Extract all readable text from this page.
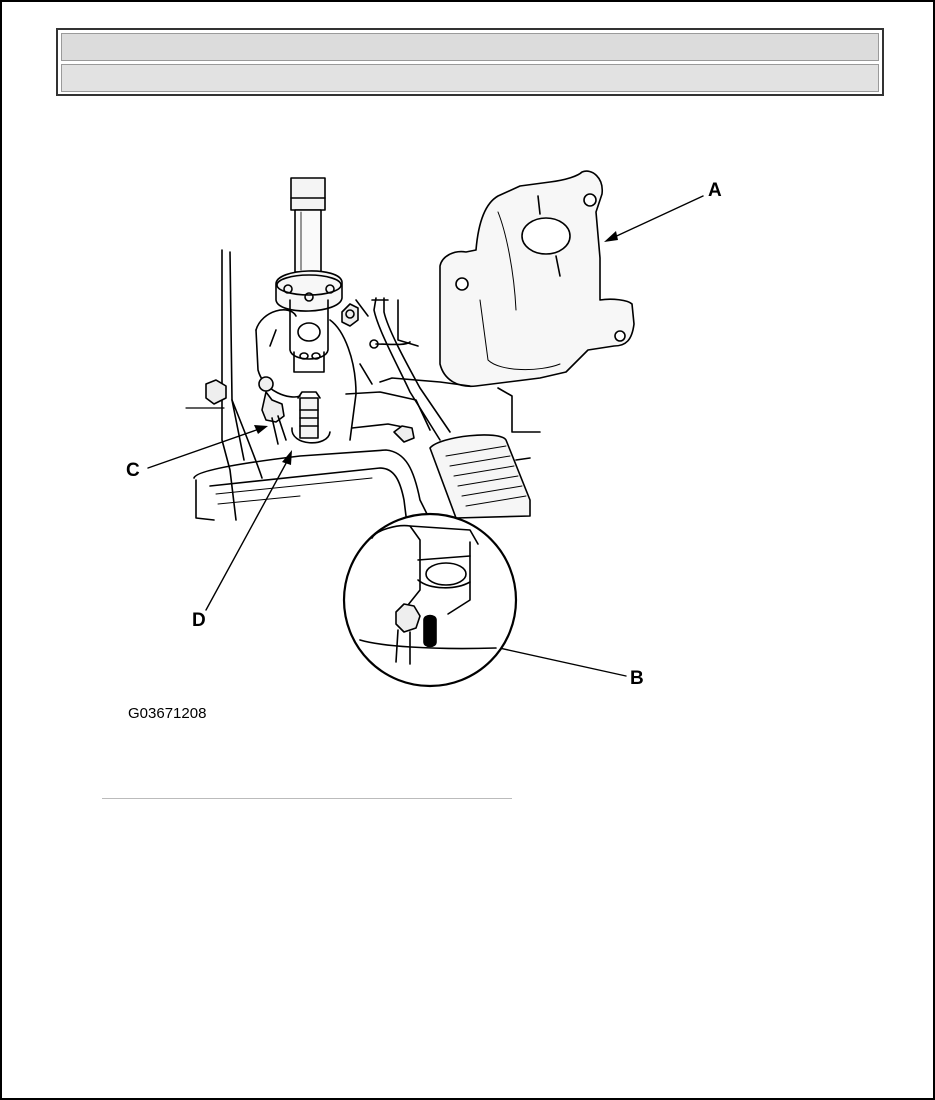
A
B
C
D
G03671208
